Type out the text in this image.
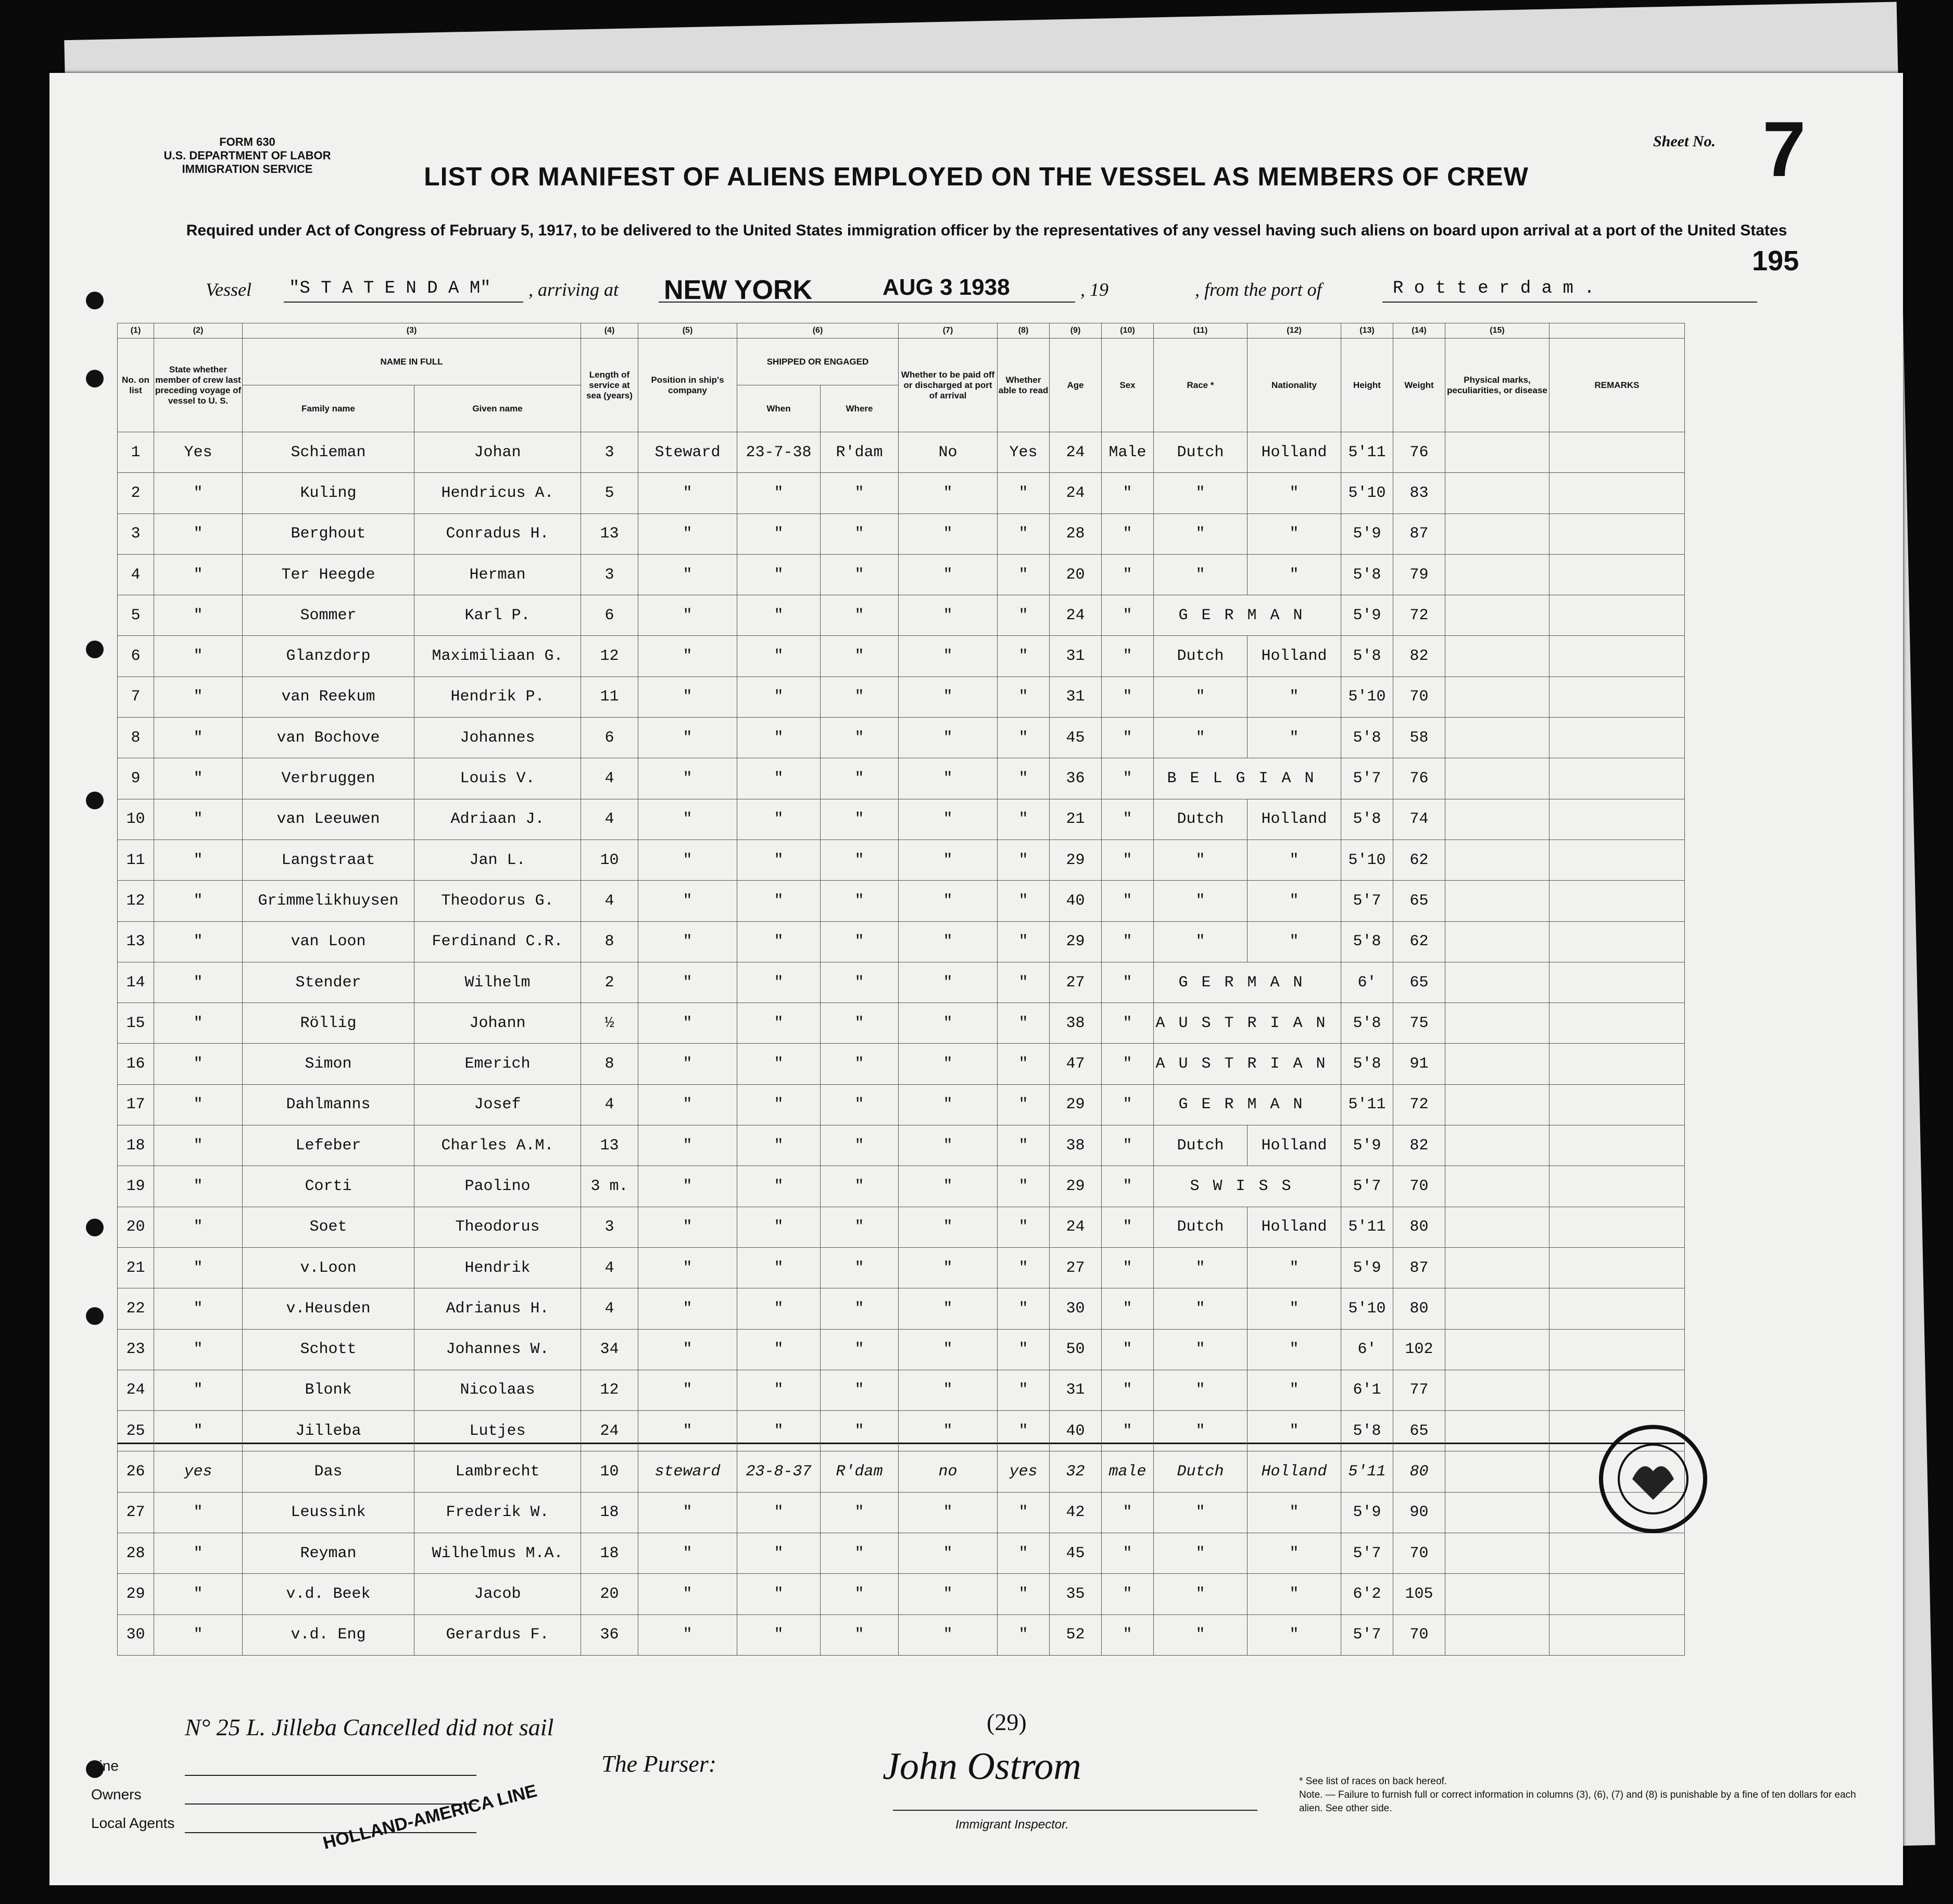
FORM 630
U.S. DEPARTMENT OF LABOR
IMMIGRATION SERVICE
Sheet No. 7
195
LIST OR MANIFEST OF ALIENS EMPLOYED ON THE VESSEL AS MEMBERS OF CREW
Required under Act of Congress of February 5, 1917, to be delivered to the United States immigration officer by the representatives of any vessel having such aliens on board upon arrival at a port of the United States
Vessel "S T A T E N D A M" , arriving at NEW YORK	AUG 3 1938	, 19	, from the port of	R o t t e r d a m .
(1)	(2)	(3)		(4)	(5)	(6)		(7)	(8)	(9)	(10)	(11)	(12)	(13)	(14)	(15)	
No. on list	State whether member of crew last preceding voyage of vessel to U. S.	NAME IN FULL		Length of service at sea (years)	Position in ship's company	SHIPPED OR ENGAGED		Whether to be paid off or discharged at port of arrival	Whether able to read	Age	Sex	Race *	Nationality	Height	Weight	Physical marks, peculiarities, or disease	REMARKS
		Family name	Given name			When	Where										
1	Yes	Schieman	Johan	3	Steward	23-7-38	R'dam	No	Yes	24	Male	Dutch	Holland	5'11	76		
2	"	Kuling	Hendricus A.	5	"	"	"	"	"	24	"	"	"	5'10	83		
3	"	Berghout	Conradus H.	13	"	"	"	"	"	28	"	"	"	5'9	87		
4	"	Ter Heegde	Herman	3	"	"	"	"	"	20	"	"	"	5'8	79		
5	"	Sommer	Karl P.	6	"	"	"	"	"	24	"	GERMAN		5'9	72		
6	"	Glanzdorp	Maximiliaan G.	12	"	"	"	"	"	31	"	Dutch	Holland	5'8	82		
7	"	van Reekum	Hendrik P.	11	"	"	"	"	"	31	"	"	"	5'10	70		
8	"	van Bochove	Johannes	6	"	"	"	"	"	45	"	"	"	5'8	58		
9	"	Verbruggen	Louis V.	4	"	"	"	"	"	36	"	BELGIAN		5'7	76		
10	"	van Leeuwen	Adriaan J.	4	"	"	"	"	"	21	"	Dutch	Holland	5'8	74		
11	"	Langstraat	Jan L.	10	"	"	"	"	"	29	"	"	"	5'10	62		
12	"	Grimmelikhuysen	Theodorus G.	4	"	"	"	"	"	40	"	"	"	5'7	65		
13	"	van Loon	Ferdinand C.R.	8	"	"	"	"	"	29	"	"	"	5'8	62		
14	"	Stender	Wilhelm	2	"	"	"	"	"	27	"	GERMAN		6'	65		
15	"	Röllig	Johann	½	"	"	"	"	"	38	"	AUSTRIAN		5'8	75		
16	"	Simon	Emerich	8	"	"	"	"	"	47	"	AUSTRIAN		5'8	91		
17	"	Dahlmanns	Josef	4	"	"	"	"	"	29	"	GERMAN		5'11	72		
18	"	Lefeber	Charles A.M.	13	"	"	"	"	"	38	"	Dutch	Holland	5'9	82		
19	"	Corti	Paolino	3 m.	"	"	"	"	"	29	"	SWISS		5'7	70		
20	"	Soet	Theodorus	3	"	"	"	"	"	24	"	Dutch	Holland	5'11	80		
21	"	v.Loon	Hendrik	4	"	"	"	"	"	27	"	"	"	5'9	87		
22	"	v.Heusden	Adrianus H.	4	"	"	"	"	"	30	"	"	"	5'10	80		
23	"	Schott	Johannes W.	34	"	"	"	"	"	50	"	"	"	6'	102		
24	"	Blonk	Nicolaas	12	"	"	"	"	"	31	"	"	"	6'1	77		
25	"	Jilleba	Lutjes	24	"	"	"	"	"	40	"	"	"	5'8	65		
26	yes	Das	Lambrecht	10	steward	23-8-37	R'dam	no	yes	32	male	Dutch	Holland	5'11	80		
27	"	Leussink	Frederik W.	18	"	"	"	"	"	42	"	"	"	5'9	90		
28	"	Reyman	Wilhelmus M.A.	18	"	"	"	"	"	45	"	"	"	5'7	70		
29	"	v.d. Beek	Jacob	20	"	"	"	"	"	35	"	"	"	6'2	105		
30	"	v.d. Eng	Gerardus F.	36	"	"	"	"	"	52	"	"	"	5'7	70		
N° 25 L. Jilleba Cancelled did not sail	(29)
Line
Owners
Local Agents
The Purser:
HOLLAND-AMERICA LINE
John Ostrom
Immigrant Inspector.
* See list of races on back hereof.
Note. — Failure to furnish full or correct information in columns (3), (6), (7) and (8) is punishable by a fine of ten dollars for each alien. See other side.
